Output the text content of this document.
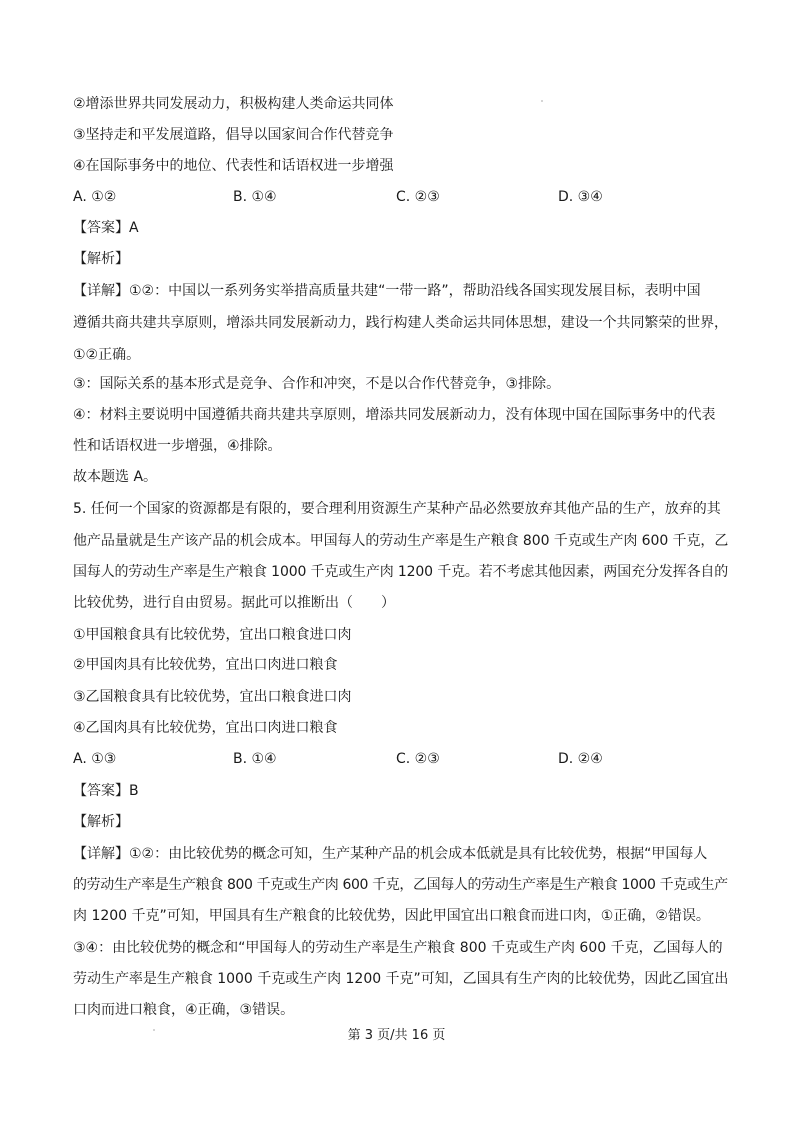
②增添世界共同发展动力，积极构建人类命运共同体
③坚持走和平发展道路，倡导以国家间合作代替竞争
④在国际事务中的地位、代表性和话语权进一步增强
A. ①②	B. ①④	C. ②③	D. ③④
【答案】A
【解析】
【详解】①②：中国以一系列务实举措高质量共建“一带一路”，帮助沿线各国实现发展目标，表明中国
遵循共商共建共享原则，增添共同发展新动力，践行构建人类命运共同体思想，建设一个共同繁荣的世界，
①②正确。
③：国际关系的基本形式是竞争、合作和冲突，不是以合作代替竞争，③排除。
④：材料主要说明中国遵循共商共建共享原则，增添共同发展新动力，没有体现中国在国际事务中的代表
性和话语权进一步增强，④排除。
故本题选 A。
5. 任何一个国家的资源都是有限的，要合理利用资源生产某种产品必然要放弃其他产品的生产，放弃的其
他产品量就是生产该产品的机会成本。甲国每人的劳动生产率是生产粮食 800 千克或生产肉 600 千克，乙
国每人的劳动生产率是生产粮食 1000 千克或生产肉 1200 千克。若不考虑其他因素，两国充分发挥各自的
比较优势，进行自由贸易。据此可以推断出（　　）
①甲国粮食具有比较优势，宜出口粮食进口肉
②甲国肉具有比较优势，宜出口肉进口粮食
③乙国粮食具有比较优势，宜出口粮食进口肉
④乙国肉具有比较优势，宜出口肉进口粮食
A. ①③	B. ①④	C. ②③	D. ②④
【答案】B
【解析】
【详解】①②：由比较优势的概念可知，生产某种产品的机会成本低就是具有比较优势，根据“甲国每人
的劳动生产率是生产粮食 800 千克或生产肉 600 千克，乙国每人的劳动生产率是生产粮食 1000 千克或生产
肉 1200 千克”可知，甲国具有生产粮食的比较优势，因此甲国宜出口粮食而进口肉，①正确，②错误。
③④：由比较优势的概念和“甲国每人的劳动生产率是生产粮食 800 千克或生产肉 600 千克，乙国每人的
劳动生产率是生产粮食 1000 千克或生产肉 1200 千克”可知，乙国具有生产肉的比较优势，因此乙国宜出
口肉而进口粮食，④正确，③错误。
第 3 页/共 16 页
